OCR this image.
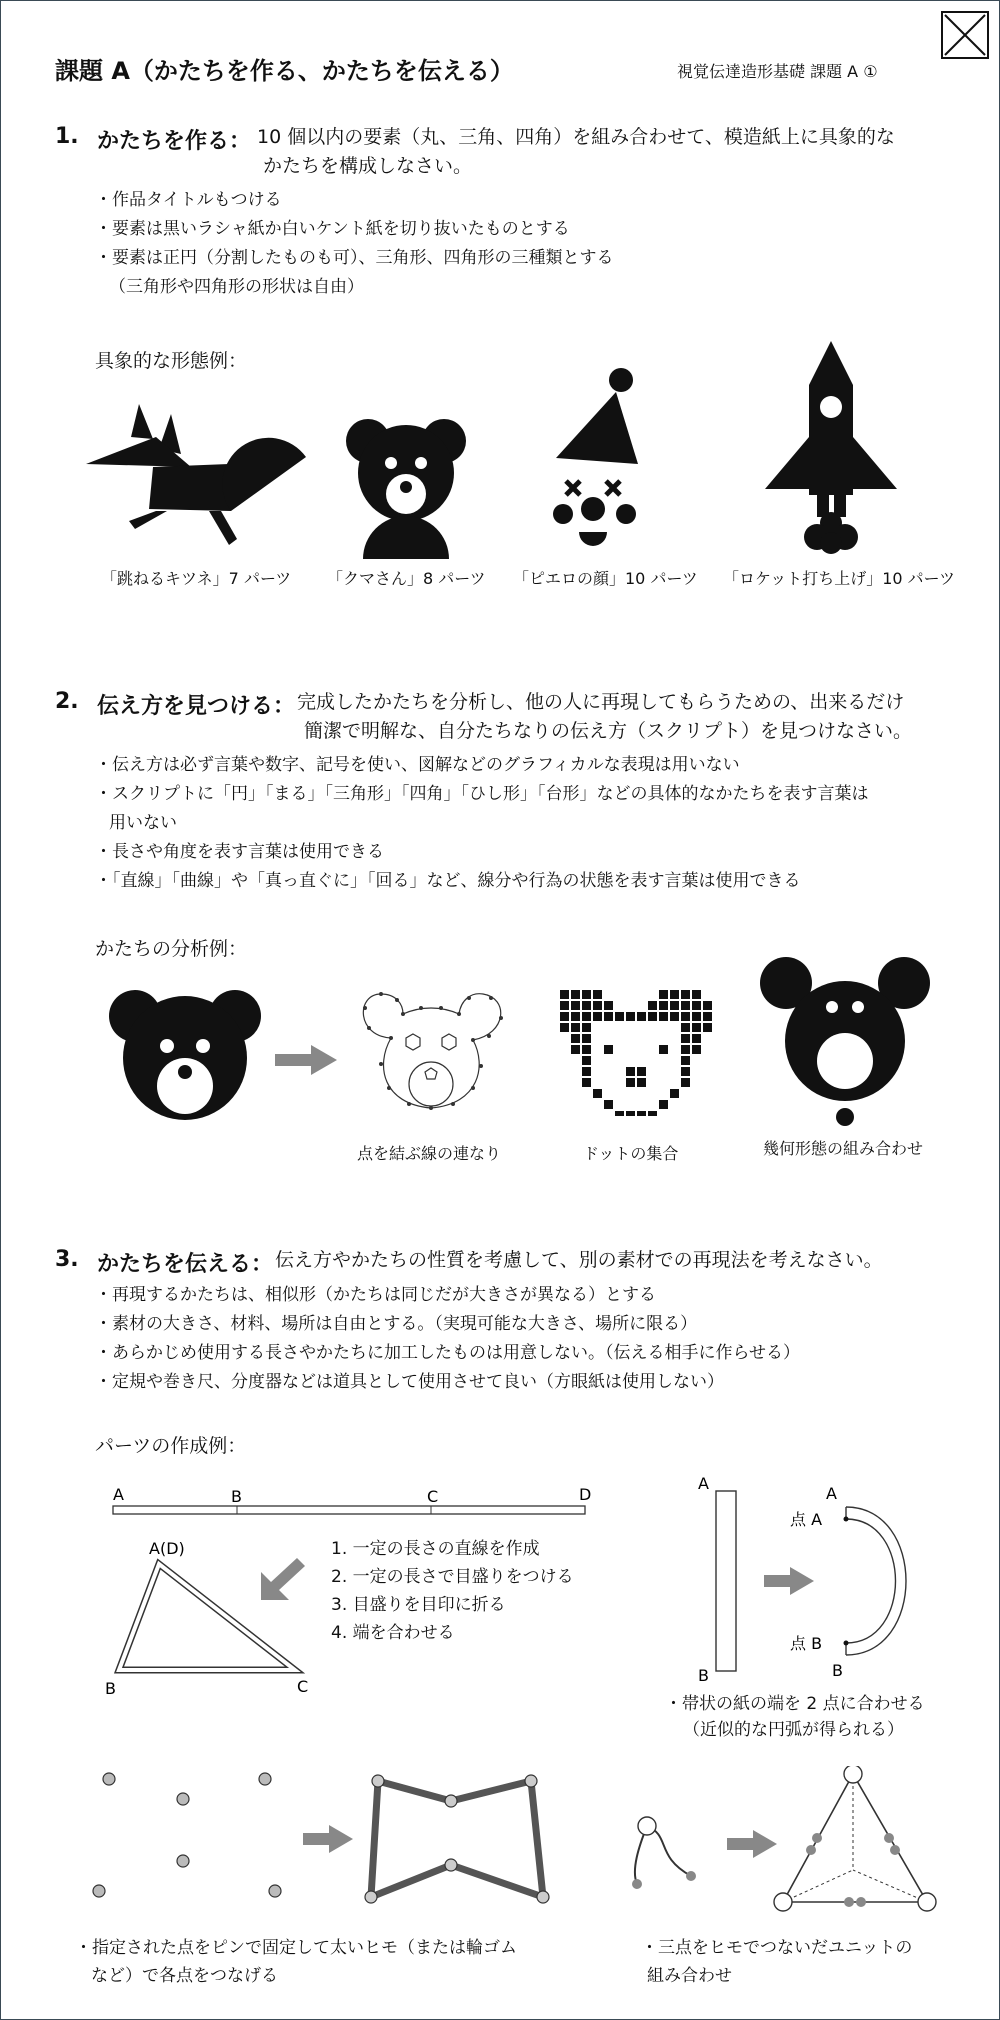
課題 A（かたちを作る、かたちを伝える）	視覚伝達造形基礎 課題 A ①
1. かたちを作る： 10 個以内の要素（丸、三角、四角）を組み合わせて、模造紙上に具象的な
かたちを構成しなさい。
・作品タイトルもつける
・要素は黒いラシャ紙か白いケント紙を切り抜いたものとする
・要素は正円（分割したものも可）、三角形、四角形の三種類とする
（三角形や四角形の形状は自由）
具象的な形態例：
「跳ねるキツネ」7 パーツ 「クマさん」8 パーツ 「ピエロの顔」10 パーツ 「ロケット打ち上げ」10 パーツ
2. 伝え方を見つける： 完成したかたちを分析し、他の人に再現してもらうための、出来るだけ
簡潔で明解な、自分たちなりの伝え方（スクリプト）を見つけなさい。
・伝え方は必ず言葉や数字、記号を使い、図解などのグラフィカルな表現は用いない
・スクリプトに「円」「まる」「三角形」「四角」「ひし形」「台形」などの具体的なかたちを表す言葉は
用いない
・長さや角度を表す言葉は使用できる
・「直線」「曲線」や「真っ直ぐに」「回る」など、線分や行為の状態を表す言葉は使用できる
かたちの分析例：
点を結ぶ線の連なり	ドットの集合	幾何形態の組み合わせ
3. かたちを伝える： 伝え方やかたちの性質を考慮して、別の素材での再現法を考えなさい。
・再現するかたちは、相似形（かたちは同じだが大きさが異なる）とする
・素材の大きさ、材料、場所は自由とする。（実現可能な大きさ、場所に限る）
・あらかじめ使用する長さやかたちに加工したものは用意しない。（伝える相手に作らせる）
・定規や巻き尺、分度器などは道具として使用させて良い（方眼紙は使用しない）
パーツの作成例：
A	B	C	D
A(D)
B	C
1. 一定の長さの直線を作成
2. 一定の長さで目盛りをつける
3. 目盛りを目印に折る
4. 端を合わせる
A
B
A
点 A
点 B
B
・帯状の紙の端を 2 点に合わせる
（近似的な円弧が得られる）
・指定された点をピンで固定して太いヒモ（または輪ゴム
など）で各点をつなげる
・三点をヒモでつないだユニットの
組み合わせ
